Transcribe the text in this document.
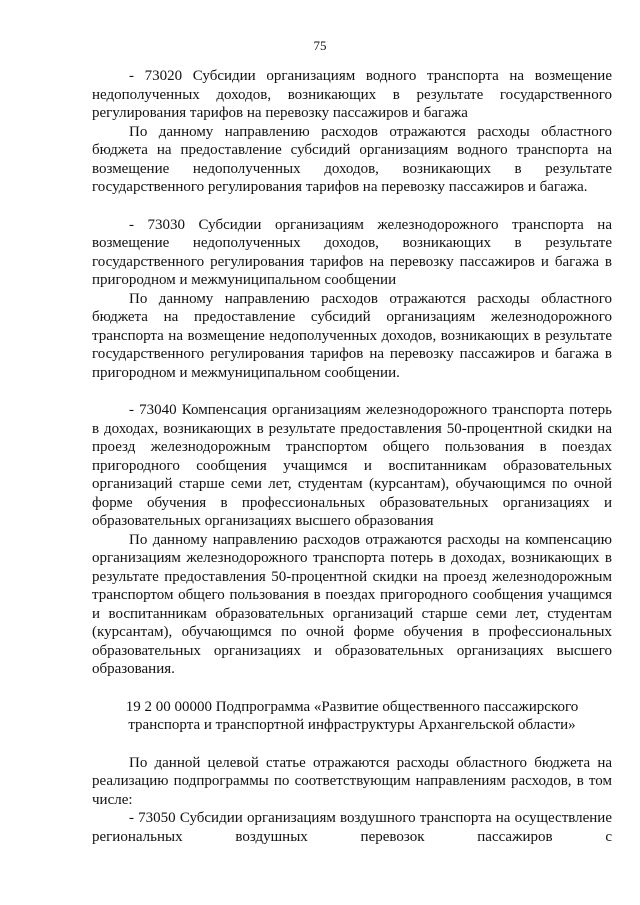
75

- 73020 Субсидии организациям водного транспорта на возмещение недополученных доходов, возникающих в результате государственного регулирования тарифов на перевозку пассажиров и багажа

По данному направлению расходов отражаются расходы областного бюджета на предоставление субсидий организациям водного транспорта на возмещение недополученных доходов, возникающих в результате государственного регулирования тарифов на перевозку пассажиров и багажа.

- 73030 Субсидии организациям железнодорожного транспорта на возмещение недополученных доходов, возникающих в результате государственного регулирования тарифов на перевозку пассажиров и багажа в пригородном и межмуниципальном сообщении

По данному направлению расходов отражаются расходы областного бюджета на предоставление субсидий организациям железнодорожного транспорта на возмещение недополученных доходов, возникающих в результате государственного регулирования тарифов на перевозку пассажиров и багажа в пригородном и межмуниципальном сообщении.

- 73040 Компенсация организациям железнодорожного транспорта потерь в доходах, возникающих в результате предоставления 50-процентной скидки на проезд железнодорожным транспортом общего пользования в поездах пригородного сообщения учащимся и воспитанникам образовательных организаций старше семи лет, студентам (курсантам), обучающимся по очной форме обучения в профессиональных образовательных организациях и образовательных организациях высшего образования

По данному направлению расходов отражаются расходы на компенсацию организациям железнодорожного транспорта потерь в доходах, возникающих в результате предоставления 50-процентной скидки на проезд железнодорожным транспортом общего пользования в поездах пригородного сообщения учащимся и воспитанникам образовательных организаций старше семи лет, студентам (курсантам), обучающимся по очной форме обучения в профессиональных образовательных организациях и образовательных организациях высшего образования.

19 2 00 00000 Подпрограмма «Развитие общественного пассажирского транспорта и транспортной инфраструктуры Архангельской области»

По данной целевой статье отражаются расходы областного бюджета на реализацию подпрограммы по соответствующим направлениям расходов, в том числе:

- 73050 Субсидии организациям воздушного транспорта на осуществление региональных воздушных перевозок пассажиров с
